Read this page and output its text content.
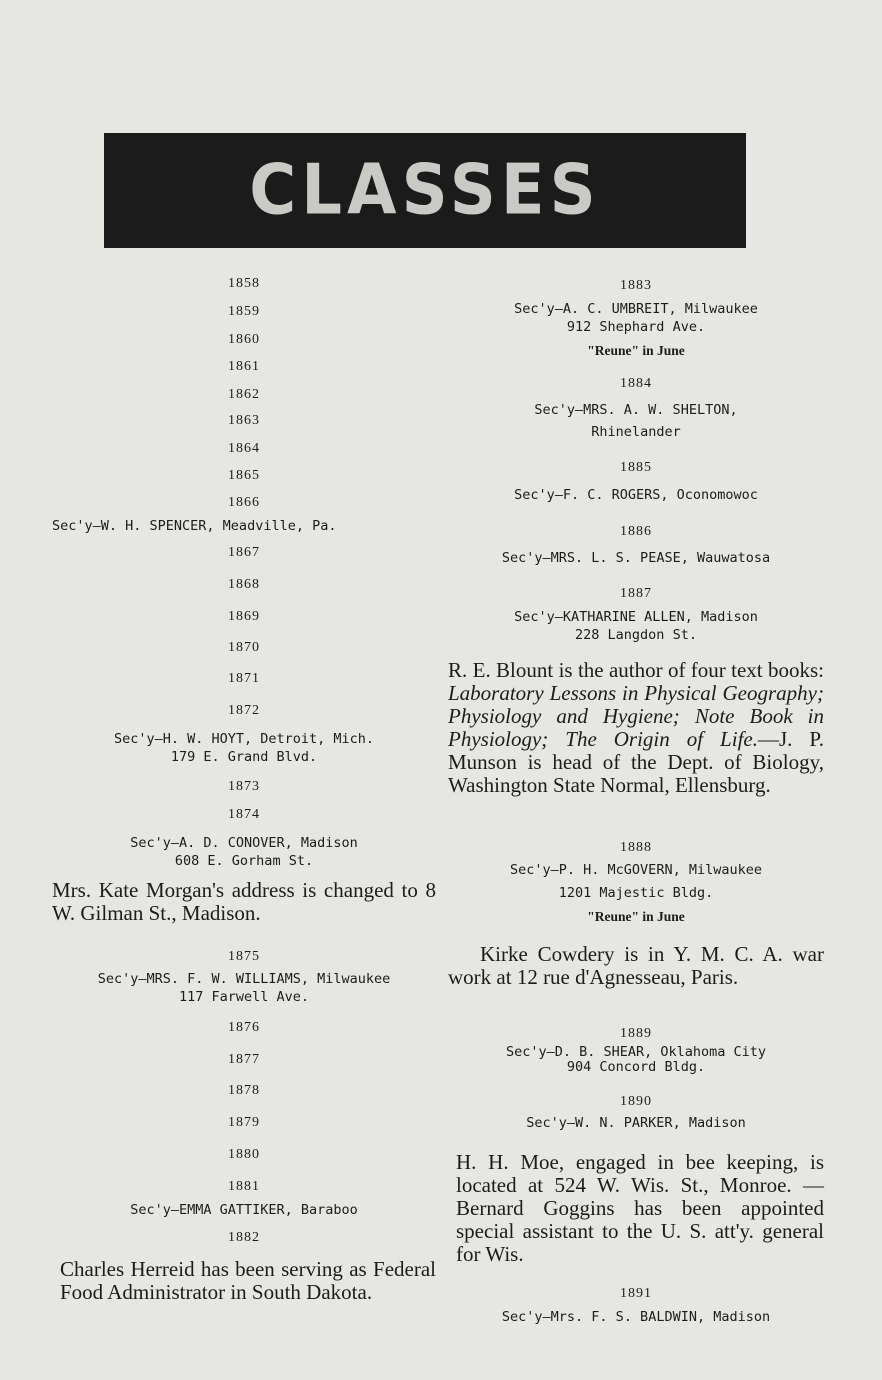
CLASSES
1858
1859
1860
1861
1862
1863
1864
1865
1866
Sec'y—W. H. SPENCER, Meadville, Pa.
1867
1868
1869
1870
1871
1872
Sec'y—H. W. HOYT, Detroit, Mich.
179 E. Grand Blvd.
1873
1874
Sec'y—A. D. CONOVER, Madison
608 E. Gorham St.
Mrs. Kate Morgan's address is changed to 8 W. Gilman St., Madison.
1875
Sec'y—MRS. F. W. WILLIAMS, Milwaukee
117 Farwell Ave.
1876
1877
1878
1879
1880
1881
Sec'y—EMMA GATTIKER, Baraboo
1882
Charles Herreid has been serving as Federal Food Administrator in South Dakota.
1883
Sec'y—A. C. UMBREIT, Milwaukee
912 Shephard Ave.
"Reune" in June
1884
Sec'y—MRS. A. W. SHELTON,
Rhinelander
1885
Sec'y—F. C. ROGERS, Oconomowoc
1886
Sec'y—MRS. L. S. PEASE, Wauwatosa
1887
Sec'y—KATHARINE ALLEN, Madison
228 Langdon St.
R. E. Blount is the author of four text books: Laboratory Lessons in Physical Geography; Physiology and Hygiene; Note Book in Physiology; The Origin of Life.—J. P. Munson is head of the Dept. of Biology, Washington State Normal, Ellensburg.
1888
Sec'y—P. H. McGOVERN, Milwaukee
1201 Majestic Bldg.
"Reune" in June
Kirke Cowdery is in Y. M. C. A. war work at 12 rue d'Agnesseau, Paris.
1889
Sec'y—D. B. SHEAR, Oklahoma City
904 Concord Bldg.
1890
Sec'y—W. N. PARKER, Madison
H. H. Moe, engaged in bee keeping, is located at 524 W. Wis. St., Monroe. —Bernard Goggins has been appointed special assistant to the U. S. att'y. general for Wis.
1891
Sec'y—Mrs. F. S. BALDWIN, Madison
